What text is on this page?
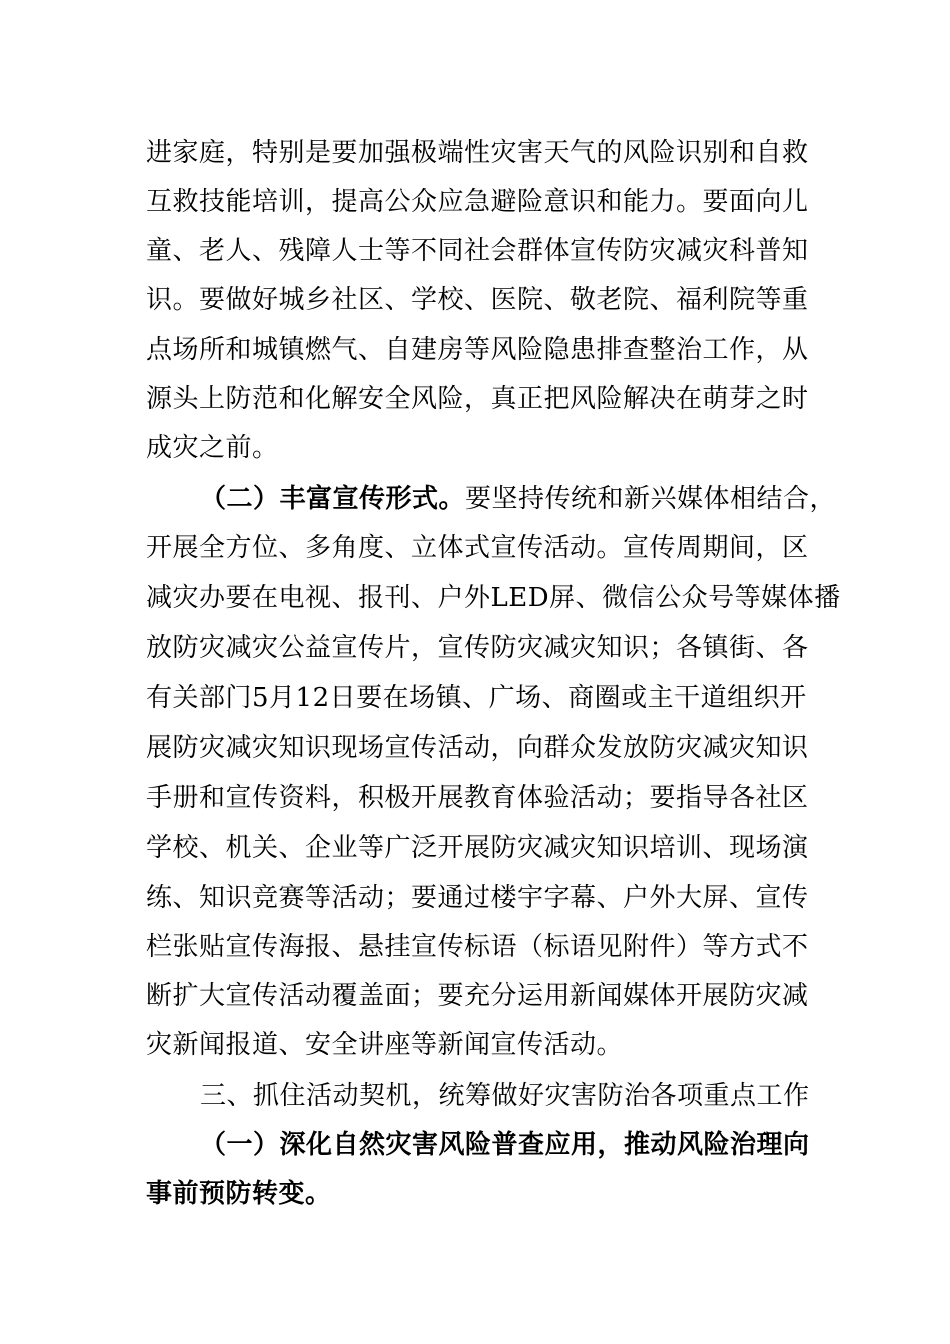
进家庭，特别是要加强极端性灾害天气的风险识别和自救
互救技能培训，提高公众应急避险意识和能力。要面向儿
童、老人、残障人士等不同社会群体宣传防灾减灾科普知
识。要做好城乡社区、学校、医院、敬老院、福利院等重
点场所和城镇燃气、自建房等风险隐患排查整治工作，从
源头上防范和化解安全风险，真正把风险解决在萌芽之时
成灾之前。
（二）丰富宣传形式。要坚持传统和新兴媒体相结合，
开展全方位、多角度、立体式宣传活动。宣传周期间，区
减灾办要在电视、报刊、户外LED屏、微信公众号等媒体播
放防灾减灾公益宣传片，宣传防灾减灾知识；各镇街、各
有关部门5月12日要在场镇、广场、商圈或主干道组织开
展防灾减灾知识现场宣传活动，向群众发放防灾减灾知识
手册和宣传资料，积极开展教育体验活动；要指导各社区
学校、机关、企业等广泛开展防灾减灾知识培训、现场演
练、知识竞赛等活动；要通过楼宇字幕、户外大屏、宣传
栏张贴宣传海报、悬挂宣传标语（标语见附件）等方式不
断扩大宣传活动覆盖面；要充分运用新闻媒体开展防灾减
灾新闻报道、安全讲座等新闻宣传活动。
三、抓住活动契机，统筹做好灾害防治各项重点工作
（一）深化自然灾害风险普查应用，推动风险治理向
事前预防转变。
